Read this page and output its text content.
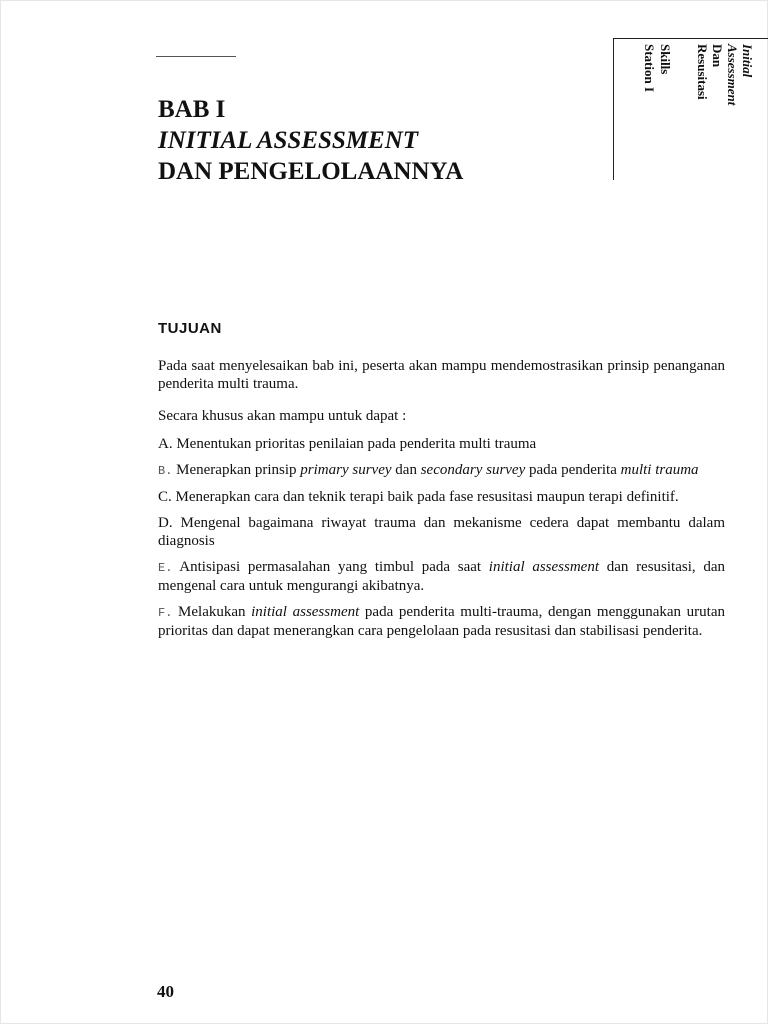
BAB I
INITIAL ASSESSMENT
DAN PENGELOLAANNYA
Initial
Assessment
Dan
Resusitasi
Skills
Station I
TUJUAN

Pada saat menyelesaikan bab ini, peserta akan mampu mendemostrasikan prinsip penanganan penderita multi trauma.

Secara khusus akan mampu untuk dapat :

A. Menentukan prioritas penilaian pada penderita multi trauma

B. Menerapkan prinsip primary survey dan secondary survey pada penderita multi trauma

C. Menerapkan cara dan teknik terapi baik pada fase resusitasi maupun terapi definitif.

D. Mengenal bagaimana riwayat trauma dan mekanisme cedera dapat membantu dalam diagnosis

E. Antisipasi permasalahan yang timbul pada saat initial assessment dan resusitasi, dan mengenal cara untuk mengurangi akibatnya.

F. Melakukan initial assessment pada penderita multi-trauma, dengan menggunakan urutan prioritas dan dapat menerangkan cara pengelolaan pada resusitasi dan stabilisasi penderita.

40
